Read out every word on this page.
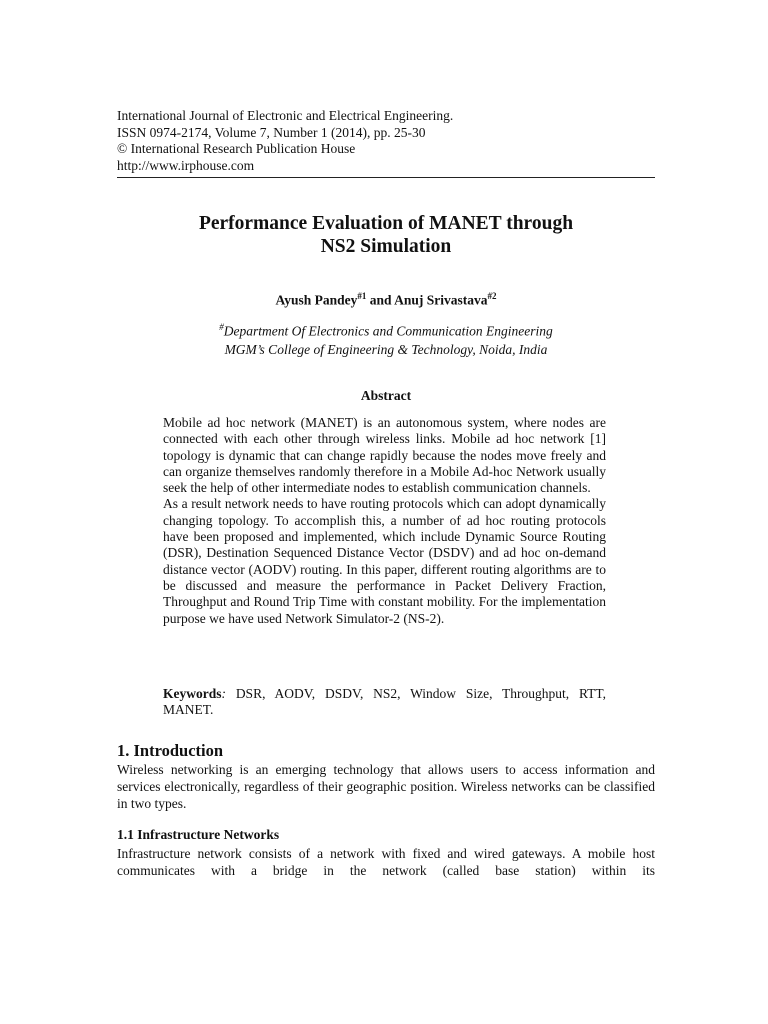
International Journal of Electronic and Electrical Engineering.
ISSN 0974-2174, Volume 7, Number 1 (2014), pp. 25-30
© International Research Publication House
http://www.irphouse.com
Performance Evaluation of MANET through
NS2 Simulation
Ayush Pandey$^{\#1}$ and Anuj Srivastava$^{\#2}$
#Department Of Electronics and Communication Engineering
MGM’s College of Engineering & Technology, Noida, India
Abstract

Mobile ad hoc network (MANET) is an autonomous system, where nodes are connected with each other through wireless links. Mobile ad hoc network [1] topology is dynamic that can change rapidly because the nodes move freely and can organize themselves randomly therefore in a Mobile Ad-hoc Network usually seek the help of other intermediate nodes to establish communication channels.

As a result network needs to have routing protocols which can adopt dynamically changing topology. To accomplish this, a number of ad hoc routing protocols have been proposed and implemented, which include Dynamic Source Routing (DSR), Destination Sequenced Distance Vector (DSDV) and ad hoc on-demand distance vector (AODV) routing. In this paper, different routing algorithms are to be discussed and measure the performance in Packet Delivery Fraction, Throughput and Round Trip Time with constant mobility. For the implementation purpose we have used Network Simulator-2 (NS-2).

Keywords: DSR, AODV, DSDV, NS2, Window Size, Throughput, RTT, MANET.
1. Introduction
Wireless networking is an emerging technology that allows users to access information and services electronically, regardless of their geographic position. Wireless networks can be classified in two types.
1.1 Infrastructure Networks
Infrastructure network consists of a network with fixed and wired gateways. A mobile host communicates with a bridge in the network (called base station) within its
